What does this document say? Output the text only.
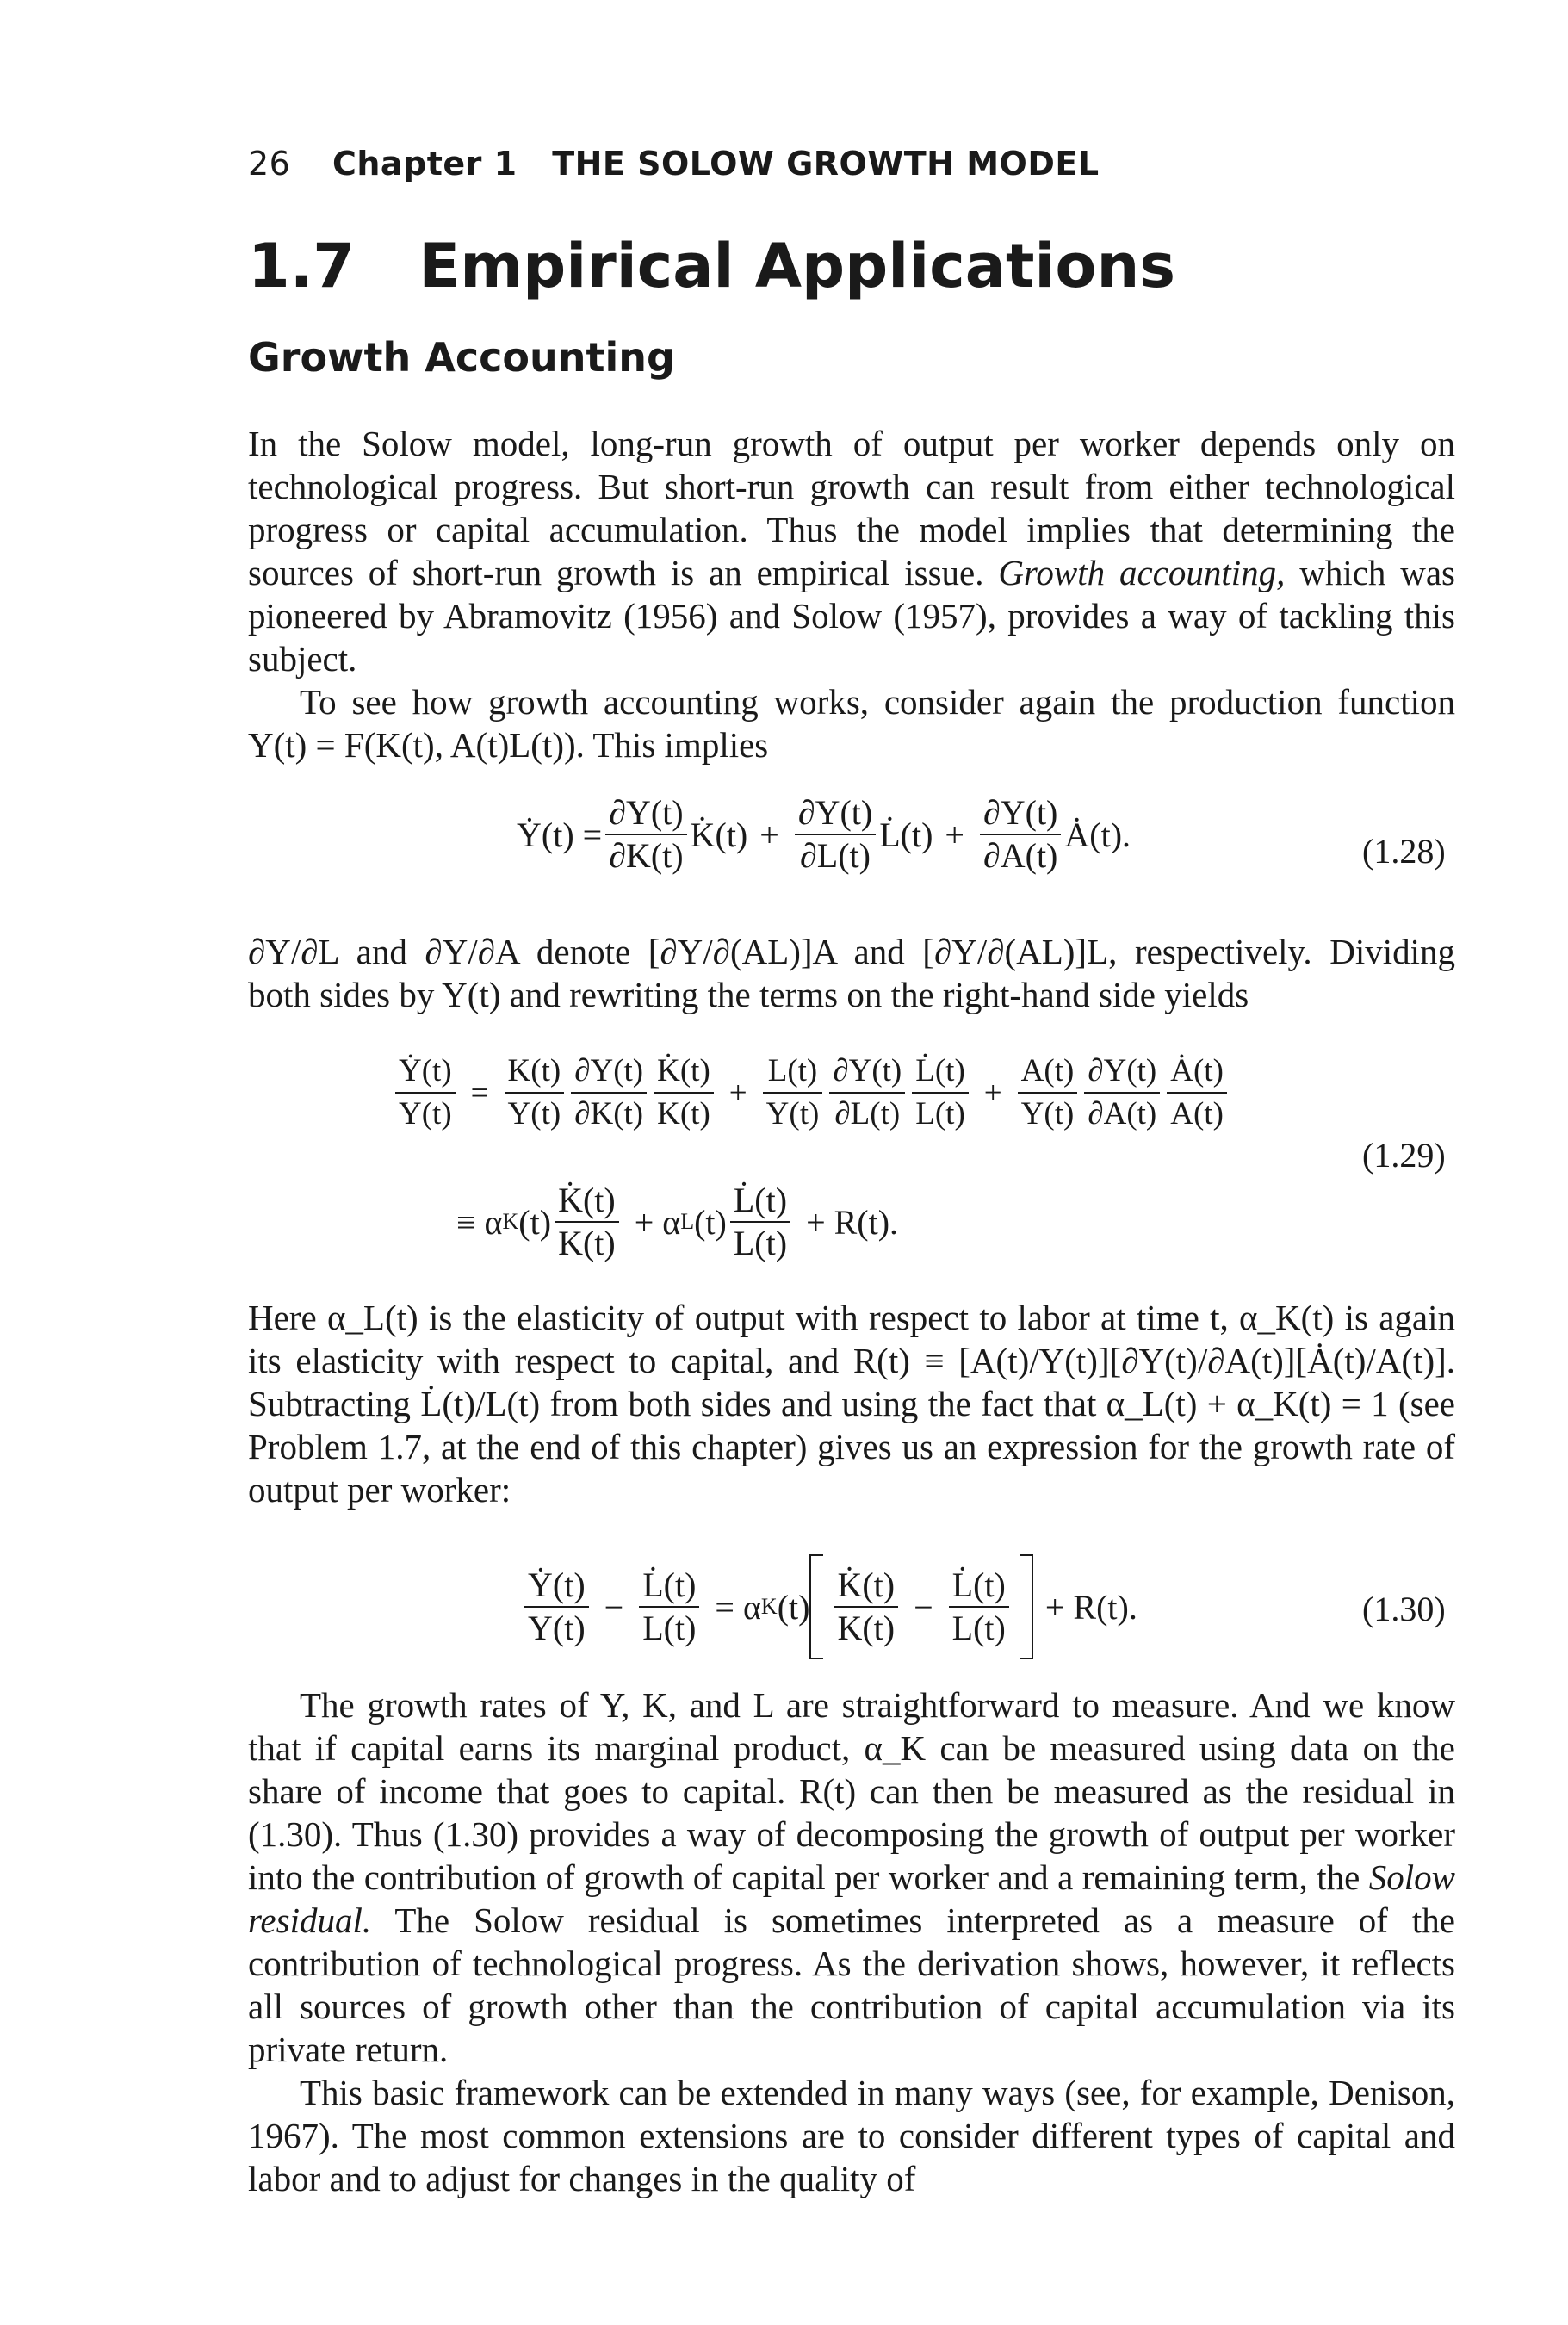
26 Chapter 1 THE SOLOW GROWTH MODEL
1.7 Empirical Applications
Growth Accounting
In the Solow model, long-run growth of output per worker depends only on technological progress. But short-run growth can result from either technological progress or capital accumulation. Thus the model implies that determining the sources of short-run growth is an empirical issue. Growth accounting, which was pioneered by Abramovitz (1956) and Solow (1957), provides a way of tackling this subject.
To see how growth accounting works, consider again the production function Y(t) = F(K(t), A(t)L(t)). This implies
Ẏ(t) = $\frac{\partial Y(t)}{\partial K(t)}$ K̇(t) + $\frac{\partial Y(t)}{\partial L(t)}$ L̇(t) + $\frac{\partial Y(t)}{\partial A(t)}$ Ȧ(t).	(1.28)
∂Y/∂L and ∂Y/∂A denote [∂Y/∂(AL)]A and [∂Y/∂(AL)]L, respectively. Dividing both sides by Y(t) and rewriting the terms on the right-hand side yields
$\frac{\text{Ẏ(t)}}{Y(t)} = \frac{K(t)}{Y(t)} \frac{\partial Y(t)}{\partial K(t)} \frac{K̇(t)}{K(t)} + \frac{L(t)}{Y(t)} \frac{\partial Y(t)}{\partial L(t)} \frac{L̇(t)}{L(t)} + \frac{A(t)}{Y(t)} \frac{\partial Y(t)}{\partial A(t)} \frac{Ȧ(t)}{A(t)}$
≡ α K $(t) \frac{K̇(t)}{K(t)} + \alpha$ L $(t) \frac{L̇(t)}{L(t)} + R(t)$.
(1.29)
Here α_L(t) is the elasticity of output with respect to labor at time t, α_K(t) is again its elasticity with respect to capital, and R(t) ≡ [A(t)/Y(t)][∂Y(t)/∂A(t)][Ȧ(t)/A(t)]. Subtracting L̇(t)/L(t) from both sides and using the fact that α_L(t) + α_K(t) = 1 (see Problem 1.7, at the end of this chapter) gives us an expression for the growth rate of output per worker:
$\frac{\text{Ẏ(t)}}{Y(t)} - \frac{L̇(t)}{L(t)} = \alpha$ K $(t) \frac{K̇(t)}{K(t)} - \frac{L̇(t)}{L(t)} + R(t)$.	(1.30)
The growth rates of Y, K, and L are straightforward to measure. And we know that if capital earns its marginal product, α_K can be measured using data on the share of income that goes to capital. R(t) can then be measured as the residual in (1.30). Thus (1.30) provides a way of decomposing the growth of output per worker into the contribution of growth of capital per worker and a remaining term, the Solow residual. The Solow residual is sometimes interpreted as a measure of the contribution of technological progress. As the derivation shows, however, it reflects all sources of growth other than the contribution of capital accumulation via its private return.
This basic framework can be extended in many ways (see, for example, Denison, 1967). The most common extensions are to consider different types of capital and labor and to adjust for changes in the quality of
